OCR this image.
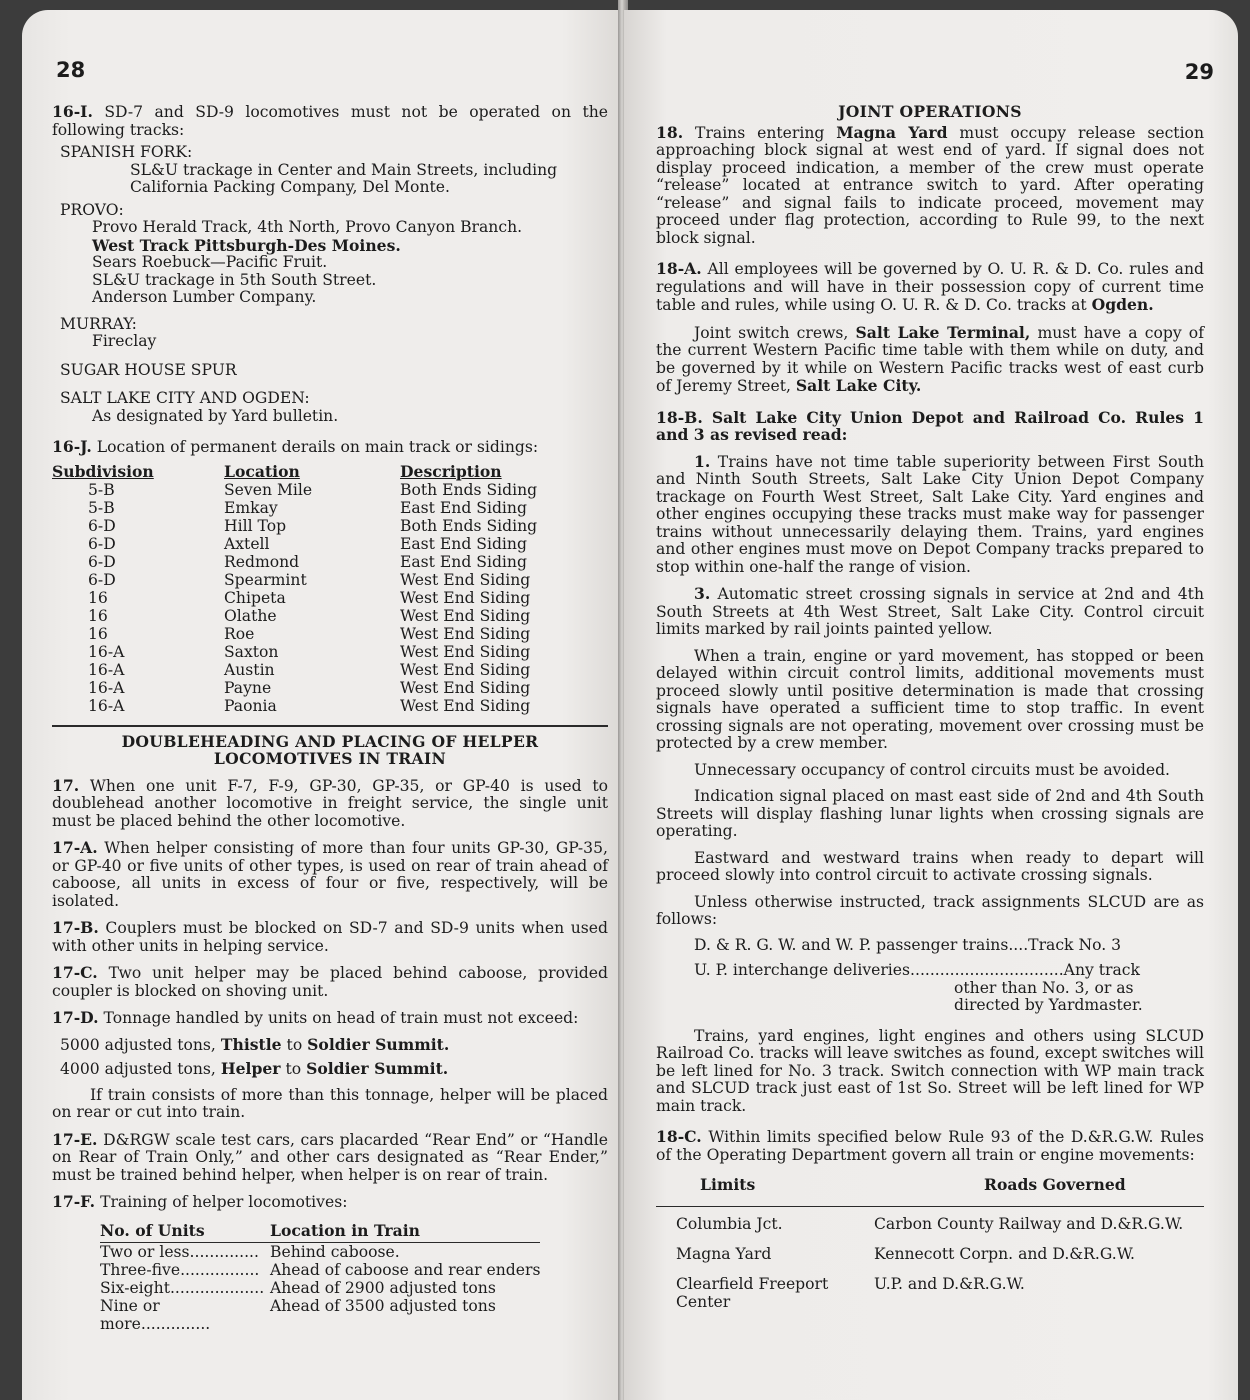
28

16-I. SD-7 and SD-9 locomotives must not be operated on the following tracks:

SPANISH FORK:
SL&U trackage in Center and Main Streets, including California Packing Company, Del Monte.
PROVO:
Provo Herald Track, 4th North, Provo Canyon Branch.
West Track Pittsburgh-Des Moines.
Sears Roebuck—Pacific Fruit.
SL&U trackage in 5th South Street.
Anderson Lumber Company.
MURRAY:
Fireclay
SUGAR HOUSE SPUR
SALT LAKE CITY AND OGDEN:
As designated by Yard bulletin.

16-J. Location of permanent derails on main track or sidings:

Subdivision	Location	Description
5-B	Seven Mile	Both Ends Siding
5-B	Emkay	East End Siding
6-D	Hill Top	Both Ends Siding
6-D	Axtell	East End Siding
6-D	Redmond	East End Siding
6-D	Spearmint	West End Siding
16	Chipeta	West End Siding
16	Olathe	West End Siding
16	Roe	West End Siding
16-A	Saxton	West End Siding
16-A	Austin	West End Siding
16-A	Payne	West End Siding
16-A	Paonia	West End Siding
DOUBLEHEADING AND PLACING OF HELPER
LOCOMOTIVES IN TRAIN

17. When one unit F-7, F-9, GP-30, GP-35, or GP-40 is used to doublehead another locomotive in freight service, the single unit must be placed behind the other locomotive.

17-A. When helper consisting of more than four units GP-30, GP-35, or GP-40 or five units of other types, is used on rear of train ahead of caboose, all units in excess of four or five, respectively, will be isolated.

17-B. Couplers must be blocked on SD-7 and SD-9 units when used with other units in helping service.

17-C. Two unit helper may be placed behind caboose, provided coupler is blocked on shoving unit.

17-D. Tonnage handled by units on head of train must not exceed:

5000 adjusted tons, Thistle to Soldier Summit.
4000 adjusted tons, Helper to Soldier Summit.

If train consists of more than this tonnage, helper will be placed on rear or cut into train.

17-E. D&RGW scale test cars, cars placarded “Rear End” or “Handle on Rear of Train Only,” and other cars designated as “Rear Ender,” must be trained behind helper, when helper is on rear of train.

17-F. Training of helper locomotives:

No. of Units	Location in Train
Two or less..............	Behind caboose.
Three-five................	Ahead of caboose and rear enders
Six-eight...................	Ahead of 2900 adjusted tons
Nine or more..............	Ahead of 3500 adjusted tons
29
JOINT OPERATIONS

18. Trains entering Magna Yard must occupy release section approaching block signal at west end of yard. If signal does not display proceed indication, a member of the crew must operate “release” located at entrance switch to yard. After operating “release” and signal fails to indicate proceed, movement may proceed under flag protection, according to Rule 99, to the next block signal.

18-A. All employees will be governed by O. U. R. & D. Co. rules and regulations and will have in their possession copy of current time table and rules, while using O. U. R. & D. Co. tracks at Ogden.

Joint switch crews, Salt Lake Terminal, must have a copy of the current Western Pacific time table with them while on duty, and be governed by it while on Western Pacific tracks west of east curb of Jeremy Street, Salt Lake City.

18-B. Salt Lake City Union Depot and Railroad Co. Rules 1 and 3 as revised read:

1. Trains have not time table superiority between First South and Ninth South Streets, Salt Lake City Union Depot Company trackage on Fourth West Street, Salt Lake City. Yard engines and other engines occupying these tracks must make way for passenger trains without unnecessarily delaying them. Trains, yard engines and other engines must move on Depot Company tracks prepared to stop within one-half the range of vision.

3. Automatic street crossing signals in service at 2nd and 4th South Streets at 4th West Street, Salt Lake City. Control circuit limits marked by rail joints painted yellow.

When a train, engine or yard movement, has stopped or been delayed within circuit control limits, additional movements must proceed slowly until positive determination is made that crossing signals have operated a sufficient time to stop traffic. In event crossing signals are not operating, movement over crossing must be protected by a crew member.

Unnecessary occupancy of control circuits must be avoided.

Indication signal placed on mast east side of 2nd and 4th South Streets will display flashing lunar lights when crossing signals are operating.

Eastward and westward trains when ready to depart will proceed slowly into control circuit to activate crossing signals.

Unless otherwise instructed, track assignments SLCUD are as follows:

D. & R. G. W. and W. P. passenger trains....Track No. 3
U. P. interchange deliveries...............................Any track
other than No. 3, or as
directed by Yardmaster.

Trains, yard engines, light engines and others using SLCUD Railroad Co. tracks will leave switches as found, except switches will be left lined for No. 3 track. Switch connection with WP main track and SLCUD track just east of 1st So. Street will be left lined for WP main track.

18-C. Within limits specified below Rule 93 of the D.&R.G.W. Rules of the Operating Department govern all train or engine movements:

Limits	Roads Governed
Columbia Jct.	Carbon County Railway and D.&R.G.W.
Magna Yard	Kennecott Corpn. and D.&R.G.W.
Clearfield Freeport Center	U.P. and D.&R.G.W.
